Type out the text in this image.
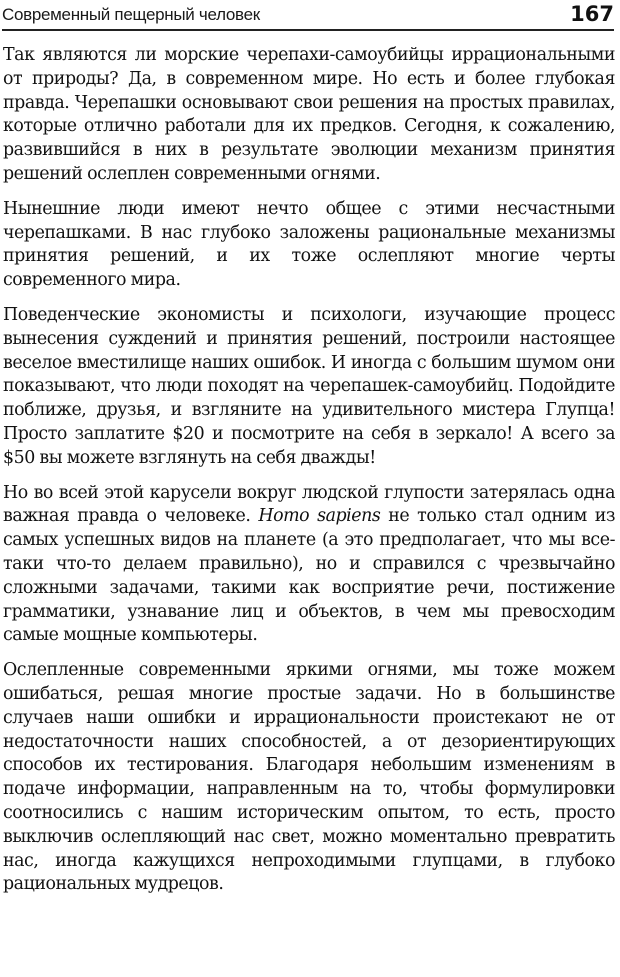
Современный пещерный человек	167

Так являются ли морские черепахи-самоубийцы иррациональными от природы? Да, в современном мире. Но есть и более глубокая правда. Черепашки основывают свои решения на простых правилах, которые отлично работали для их предков. Сегодня, к сожалению, развившийся в них в результате эволюции механизм принятия решений ослеплен современными огнями.

Нынешние люди имеют нечто общее с этими несчастными черепашками. В нас глубоко заложены рациональные механизмы принятия решений, и их тоже ослепляют многие черты современного мира.

Поведенческие экономисты и психологи, изучающие процесс вынесения суждений и принятия решений, построили настоящее веселое вместилище наших ошибок. И иногда с большим шумом они показывают, что люди походят на черепашек-самоубийц. Подойдите поближе, друзья, и взгляните на удивительного мистера Глупца! Просто заплатите $20 и посмотрите на себя в зеркало! А всего за $50 вы можете взглянуть на себя дважды!

Но во всей этой карусели вокруг людской глупости затерялась одна важная правда о человеке. Homo sapiens не только стал одним из самых успешных видов на планете (а это предполагает, что мы все-таки что-то делаем правильно), но и справился с чрезвычайно сложными задачами, такими как восприятие речи, постижение грамматики, узнавание лиц и объектов, в чем мы превосходим самые мощные компьютеры.

Ослепленные современными яркими огнями, мы тоже можем ошибаться, решая многие простые задачи. Но в большинстве случаев наши ошибки и иррациональности проистекают не от недостаточности наших способностей, а от дезориентирующих способов их тестирования. Благодаря небольшим изменениям в подаче информации, направленным на то, чтобы формулировки соотносились с нашим историческим опытом, то есть, просто выключив ослепляющий нас свет, можно моментально превратить нас, иногда кажущихся непроходимыми глупцами, в глубоко рациональных мудрецов.
